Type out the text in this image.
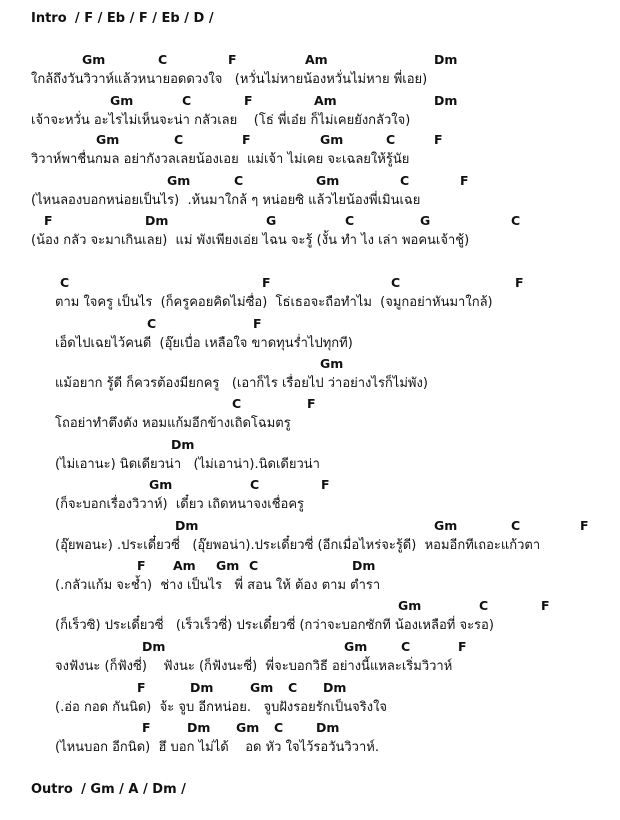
Intro / F / Eb / F / Eb / D /
Gm	C	F	Am	Dm
ใกล้ถึงวันวิวาห์แล้วหนายอดดวงใจ   (หวั่นไม่หายน้องหวั่นไม่หาย พี่เอย)
Gm	C	F	Am	Dm
เจ้าจะหวั่น อะไรไม่เห็นจะน่า กลัวเลย    (โธ่ พี่เอ๋ย ก็ไม่เคยยังกลัวใจ)
Gm	C	F	Gm	C	F
วิวาห์พาชื่นกมล อย่ากังวลเลยน้องเอย  แม่เจ้า ไม่เคย จะเฉลยให้รู้นัย
Gm	C	Gm	C	F
(ไหนลองบอกหน่อยเป็นไร)  .ห้นมาใกล้ ๆ หน่อยซิ แล้วไยน้องพี่เมินเฉย
F	Dm	G	C	G	C
(น้อง กลัว จะมาเกินเลย)  แม่ พังเพียงเอ่ย ไฉน จะรู้ (งั้น ทำ ไง เล่า พอคนเจ้าชู้)
C	F	C	F
ตาม ใจครู เป็นไร  (ก็ครูคอยคิดไม่ซื่อ)  โธ่เธอจะถือทำไม  (จมูกอย่าหันมาใกล้)
C	F
เอ็ดไปเฉยไว้คนดี  (อุ๊ยเบื่อ เหลือใจ ขาดทุนร่ำไปทุกที)
Gm
แม้อยาก รู้ดี ก็ควรต้องมียกครู   (เอาก็ไร เรื่อยไป ว่าอย่างไรก็ไม่พัง)
C	F
โถอย่าทำตึงตัง หอมแก้มอีกข้างเถิดโฉมตรู
Dm
(ไม่เอานะ) นิดเดียวน่า   (ไม่เอาน่า).นิดเดียวน่า
Gm	C	F
(ก็จะบอกเรื่องวิวาห์)  เดี๋ยว เถิดหนาจงเชื่อครู
Dm	Gm	C	F
(อุ๊ยพอนะ) .ประเดี๋ยวซี่   (อุ๊ยพอน่า).ประเดี๋ยวซี่ (อีกเมื่อไหร่จะรู้ดี)  หอมอีกทีเถอะแก้วตา
F Am Gm C	Dm
(.กลัวแก้ม จะช้ำ)  ช่าง เป็นไร   พี่ สอน ให้ ต้อง ตาม ตำรา
Gm	C	F
(ก็เร็วซิ) ประเดี๋ยวซี่   (เร็วเร็วซี่) ประเดี๋ยวซี่ (กว่าจะบอกซักที น้องเหลือที่ จะรอ)
Dm	Gm	C	F
จงฟังนะ (ก็ฟังซี่)    ฟังนะ (ก็ฟังนะซี่)  พี่จะบอกวิธี อย่างนี้แหละเริ่มวิวาห์
F	Dm	Gm C Dm
(.อ่อ กอด กันนิด)  จ้ะ จูบ อีกหน่อย.   จูบฝังรอยรักเป็นจริงใจ
F	Dm Gm C	Dm
(ไหนบอก อีกนิด)  ฮึ บอก ไม่ได้    อด หัว ใจไว้รอวันวิวาห์.
Outro / Gm / A / Dm /
